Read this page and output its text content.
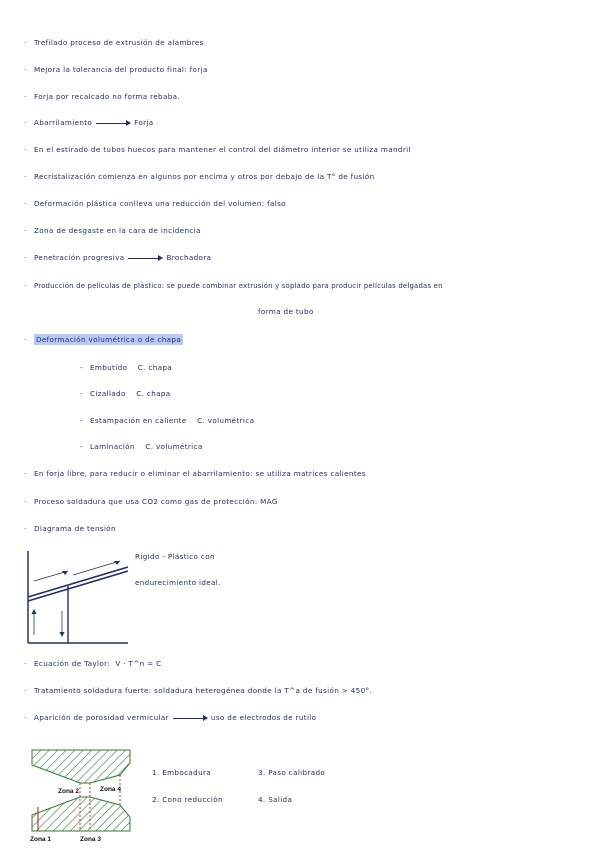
· Trefilado proceso de extrusión de alambres
· Mejora la tolerancia del producto final: forja
· Forja por recalcado no forma rebaba.
· Abarrilamiento	Forja
· En el estirado de tubos huecos para mantener el control del diámetro interior se utiliza mandril
· Recristalización comienza en algunos por encima y otros por debajo de la T° de fusión
· Deformación plástica conlleva una reducción del volumen: falso
· Zona de desgaste en la cara de incidencia
· Penetración progresiva	Brochadora
· Producción de películas de plástico: se puede combinar extrusión y soplado para producir películas delgadas en
forma de tubo
· Deformación volumétrica o de chapa
- Embutido C. chapa
- Cizallado C. chapa
- Estampación en caliente C. volumétrica
- Laminación C. volumétrica
· En forja libre, para reducir o eliminar el abarrilamiento: se utiliza matrices calientes
· Proceso soldadura que usa CO2 como gas de protección: MAG
· Diagrama de tensión
Rígido - Plástico con
endurecimiento ideal.
· Ecuación de Taylor: V · T^n = C
· Tratamiento soldadura fuerte: soldadura heterogénea donde la T^a de fusión > 450°.
· Aparición de porosidad vermicular	uso de electrodos de rutilo
Zona 2	Zona 4
Zona 1	Zona 3
1. Embocadura	3. Paso calibrado
2. Cono reducción	4. Salida
